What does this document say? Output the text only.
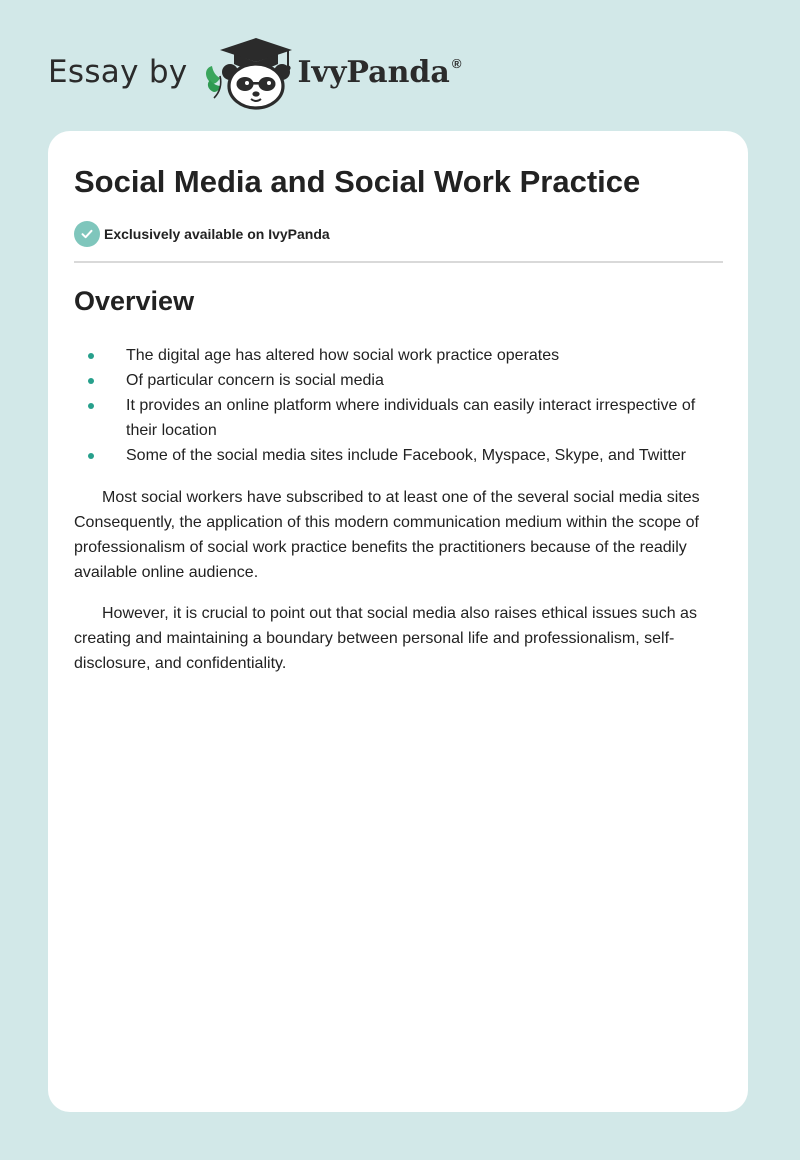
Essay by	IvyPanda ®
Social Media and Social Work Practice
Exclusively available on IvyPanda
Overview
The digital age has altered how social work practice operates
Of particular concern is social media
It provides an online platform where individuals can easily interact irrespective of their location
Some of the social media sites include Facebook, Myspace, Skype, and Twitter

Most social workers have subscribed to at least one of the several social media sites Consequently, the application of this modern communication medium within the scope of professionalism of social work practice benefits the practitioners because of the readily available online audience.

However, it is crucial to point out that social media also raises ethical issues such as creating and maintaining a boundary between personal life and professionalism, self-disclosure, and confidentiality.
